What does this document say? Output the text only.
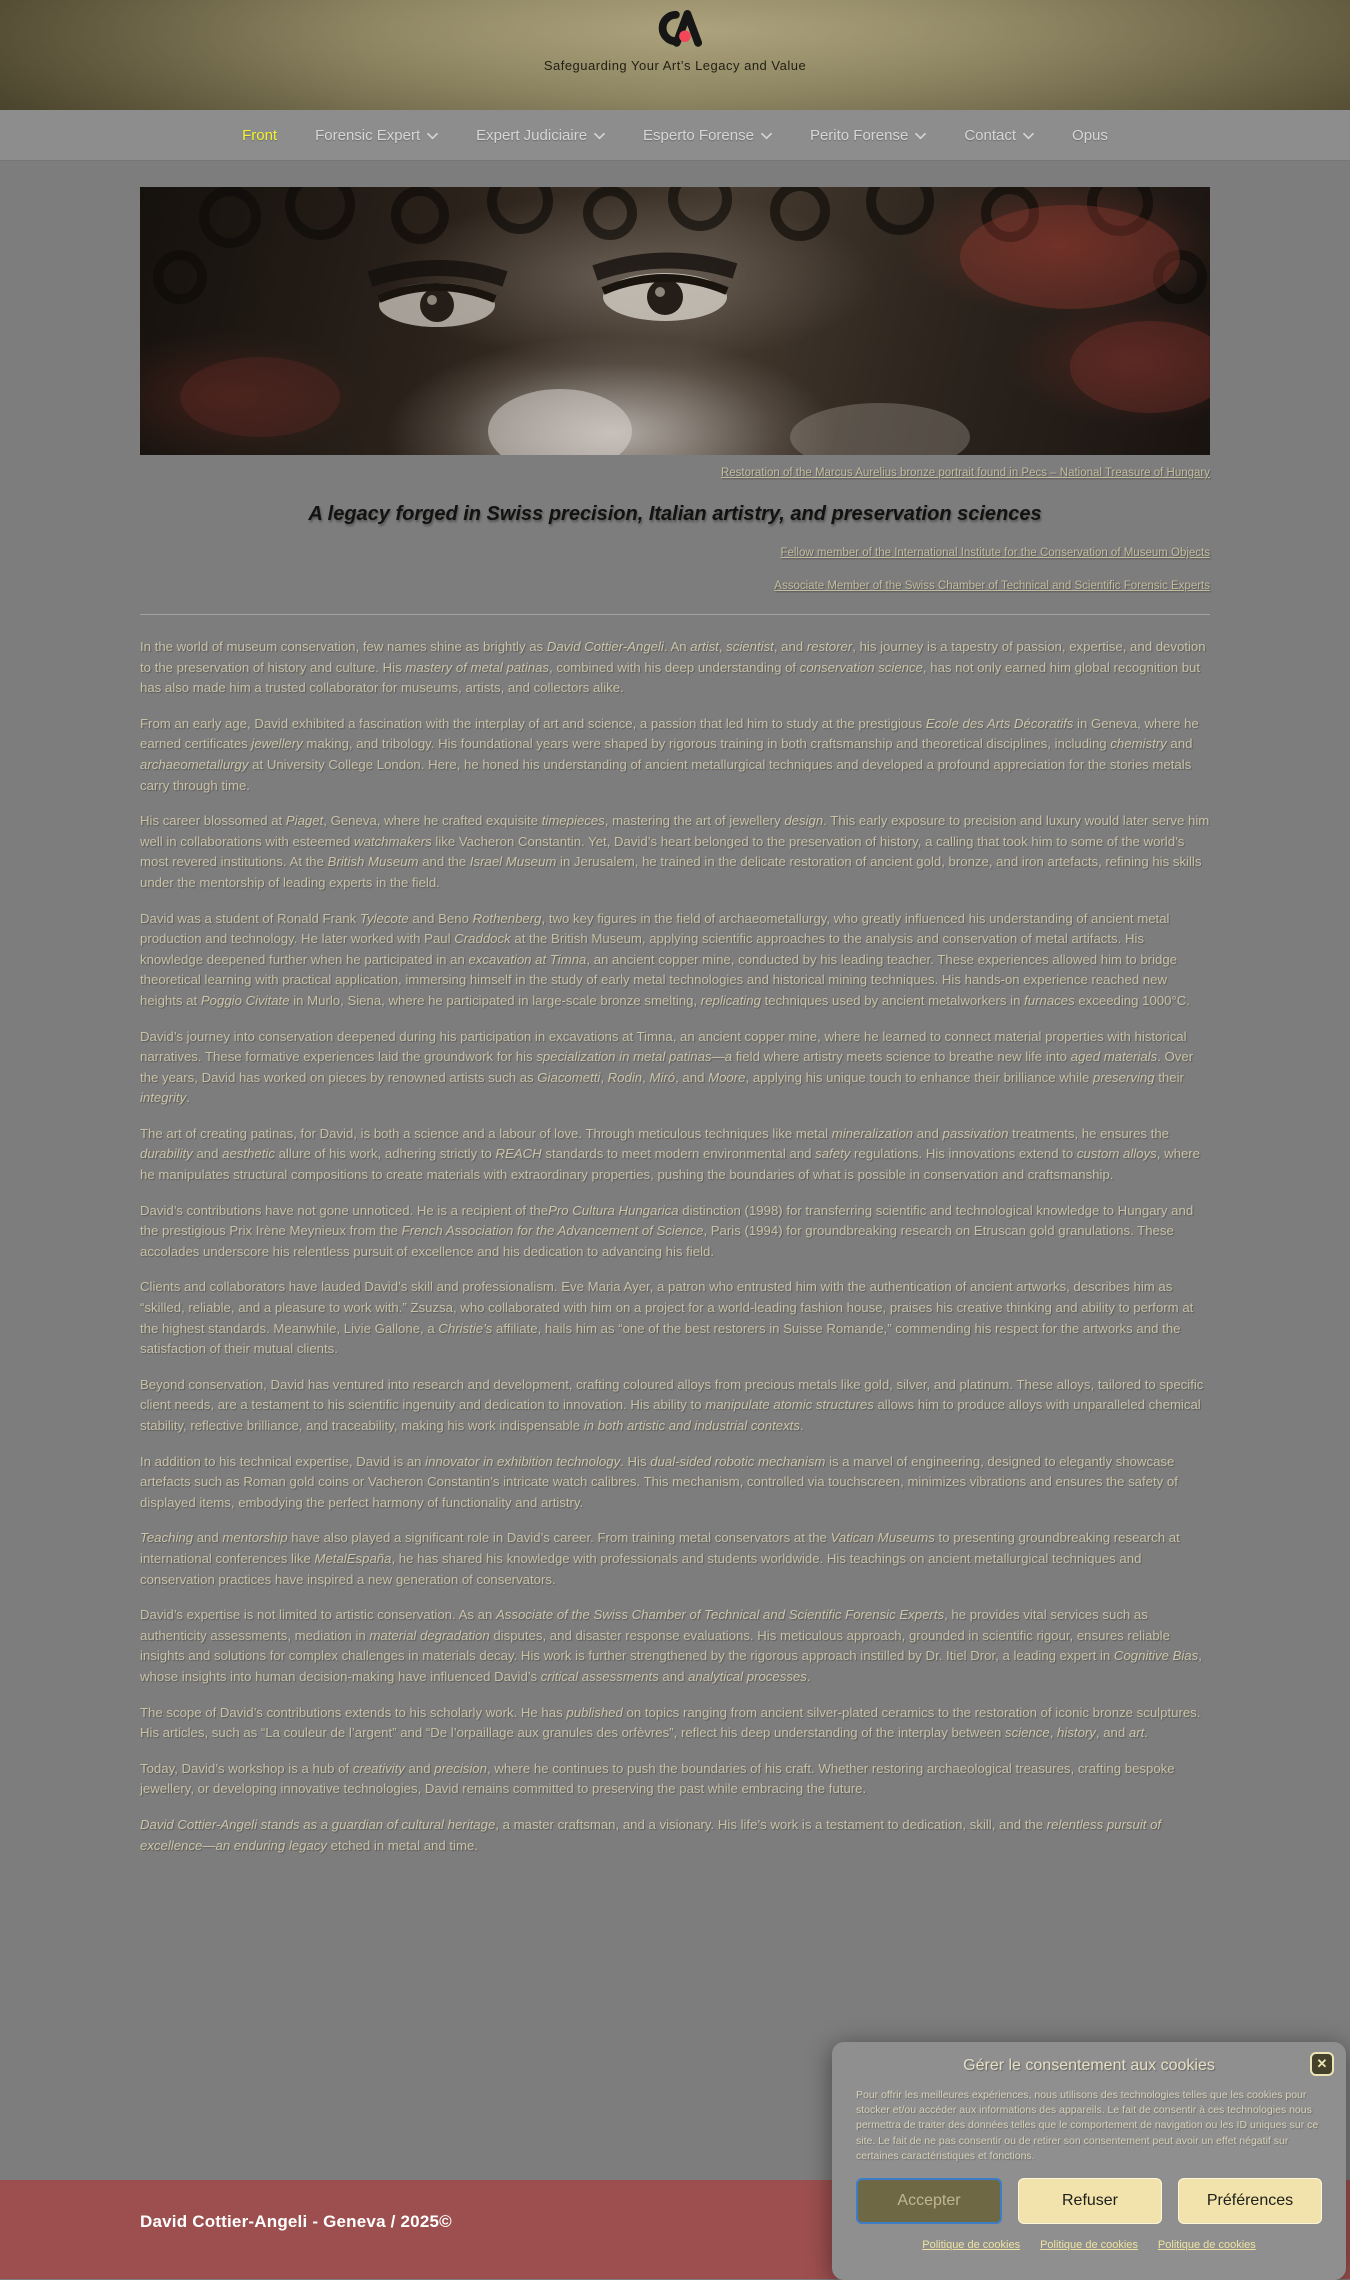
Safeguarding Your Art’s Legacy and Value
Front	Forensic Expert	Expert Judiciaire	Esperto Forense	Perito Forense	Contact	Opus
Restoration of the Marcus Aurelius bronze portrait found in Pecs – National Treasure of Hungary
A legacy forged in Swiss precision, Italian artistry, and preservation sciences
Fellow member of the International Institute for the Conservation of Museum Objects
Associate Member of the Swiss Chamber of Technical and Scientific Forensic Experts

In the world of museum conservation, few names shine as brightly as David Cottier-Angeli. An artist, scientist, and restorer, his journey is a tapestry of passion, expertise, and devotion to the preservation of history and culture. His mastery of metal patinas, combined with his deep understanding of conservation science, has not only earned him global recognition but has also made him a trusted collaborator for museums, artists, and collectors alike.

From an early age, David exhibited a fascination with the interplay of art and science, a passion that led him to study at the prestigious Ecole des Arts Décoratifs in Geneva, where he earned certificates jewellery making, and tribology. His foundational years were shaped by rigorous training in both craftsmanship and theoretical disciplines, including chemistry and archaeometallurgy at University College London. Here, he honed his understanding of ancient metallurgical techniques and developed a profound appreciation for the stories metals carry through time.

His career blossomed at Piaget, Geneva, where he crafted exquisite timepieces, mastering the art of jewellery design. This early exposure to precision and luxury would later serve him well in collaborations with esteemed watchmakers like Vacheron Constantin. Yet, David’s heart belonged to the preservation of history, a calling that took him to some of the world’s most revered institutions. At the British Museum and the Israel Museum in Jerusalem, he trained in the delicate restoration of ancient gold, bronze, and iron artefacts, refining his skills under the mentorship of leading experts in the field.

David was a student of Ronald Frank Tylecote and Beno Rothenberg, two key figures in the field of archaeometallurgy, who greatly influenced his understanding of ancient metal production and technology. He later worked with Paul Craddock at the British Museum, applying scientific approaches to the analysis and conservation of metal artifacts. His knowledge deepened further when he participated in an excavation at Timna, an ancient copper mine, conducted by his leading teacher. These experiences allowed him to bridge theoretical learning with practical application, immersing himself in the study of early metal technologies and historical mining techniques. His hands-on experience reached new heights at Poggio Civitate in Murlo, Siena, where he participated in large-scale bronze smelting, replicating techniques used by ancient metalworkers in furnaces exceeding 1000°C.

David’s journey into conservation deepened during his participation in excavations at Timna, an ancient copper mine, where he learned to connect material properties with historical narratives. These formative experiences laid the groundwork for his specialization in metal patinas—a field where artistry meets science to breathe new life into aged materials. Over the years, David has worked on pieces by renowned artists such as Giacometti, Rodin, Miró, and Moore, applying his unique touch to enhance their brilliance while preserving their integrity.

The art of creating patinas, for David, is both a science and a labour of love. Through meticulous techniques like metal mineralization and passivation treatments, he ensures the durability and aesthetic allure of his work, adhering strictly to REACH standards to meet modern environmental and safety regulations. His innovations extend to custom alloys, where he manipulates structural compositions to create materials with extraordinary properties, pushing the boundaries of what is possible in conservation and craftsmanship.

David’s contributions have not gone unnoticed. He is a recipient of thePro Cultura Hungarica distinction (1998) for transferring scientific and technological knowledge to Hungary and the prestigious Prix Irène Meynieux from the French Association for the Advancement of Science, Paris (1994) for groundbreaking research on Etruscan gold granulations. These accolades underscore his relentless pursuit of excellence and his dedication to advancing his field.

Clients and collaborators have lauded David’s skill and professionalism. Eve Maria Ayer, a patron who entrusted him with the authentication of ancient artworks, describes him as “skilled, reliable, and a pleasure to work with.” Zsuzsa, who collaborated with him on a project for a world-leading fashion house, praises his creative thinking and ability to perform at the highest standards. Meanwhile, Livie Gallone, a Christie’s affiliate, hails him as “one of the best restorers in Suisse Romande,” commending his respect for the artworks and the satisfaction of their mutual clients.

Beyond conservation, David has ventured into research and development, crafting coloured alloys from precious metals like gold, silver, and platinum. These alloys, tailored to specific client needs, are a testament to his scientific ingenuity and dedication to innovation. His ability to manipulate atomic structures allows him to produce alloys with unparalleled chemical stability, reflective brilliance, and traceability, making his work indispensable in both artistic and industrial contexts.

In addition to his technical expertise, David is an innovator in exhibition technology. His dual-sided robotic mechanism is a marvel of engineering, designed to elegantly showcase artefacts such as Roman gold coins or Vacheron Constantin’s intricate watch calibres. This mechanism, controlled via touchscreen, minimizes vibrations and ensures the safety of displayed items, embodying the perfect harmony of functionality and artistry.

Teaching and mentorship have also played a significant role in David’s career. From training metal conservators at the Vatican Museums to presenting groundbreaking research at international conferences like MetalEspaña, he has shared his knowledge with professionals and students worldwide. His teachings on ancient metallurgical techniques and conservation practices have inspired a new generation of conservators.

David’s expertise is not limited to artistic conservation. As an Associate of the Swiss Chamber of Technical and Scientific Forensic Experts, he provides vital services such as authenticity assessments, mediation in material degradation disputes, and disaster response evaluations. His meticulous approach, grounded in scientific rigour, ensures reliable insights and solutions for complex challenges in materials decay. His work is further strengthened by the rigorous approach instilled by Dr. Itiel Dror, a leading expert in Cognitive Bias, whose insights into human decision-making have influenced David’s critical assessments and analytical processes.

The scope of David’s contributions extends to his scholarly work. He has published on topics ranging from ancient silver-plated ceramics to the restoration of iconic bronze sculptures. His articles, such as “La couleur de l’argent” and “De l’orpaillage aux granules des orfèvres”, reflect his deep understanding of the interplay between science, history, and art.

Today, David’s workshop is a hub of creativity and precision, where he continues to push the boundaries of his craft. Whether restoring archaeological treasures, crafting bespoke jewellery, or developing innovative technologies, David remains committed to preserving the past while embracing the future.

David Cottier-Angeli stands as a guardian of cultural heritage, a master craftsman, and a visionary. His life’s work is a testament to dedication, skill, and the relentless pursuit of excellence—an enduring legacy etched in metal and time.

David Cottier-Angeli - Geneva / 2025©
✕
Gérer le consentement aux cookies
Pour offrir les meilleures expériences, nous utilisons des technologies telles que les cookies pour stocker et/ou accéder aux informations des appareils. Le fait de consentir à ces technologies nous permettra de traiter des données telles que le comportement de navigation ou les ID uniques sur ce site. Le fait de ne pas consentir ou de retirer son consentement peut avoir un effet négatif sur certaines caractéristiques et fonctions.
Accepter	Refuser	Préférences
Politique de cookies Politique de cookies Politique de cookies
